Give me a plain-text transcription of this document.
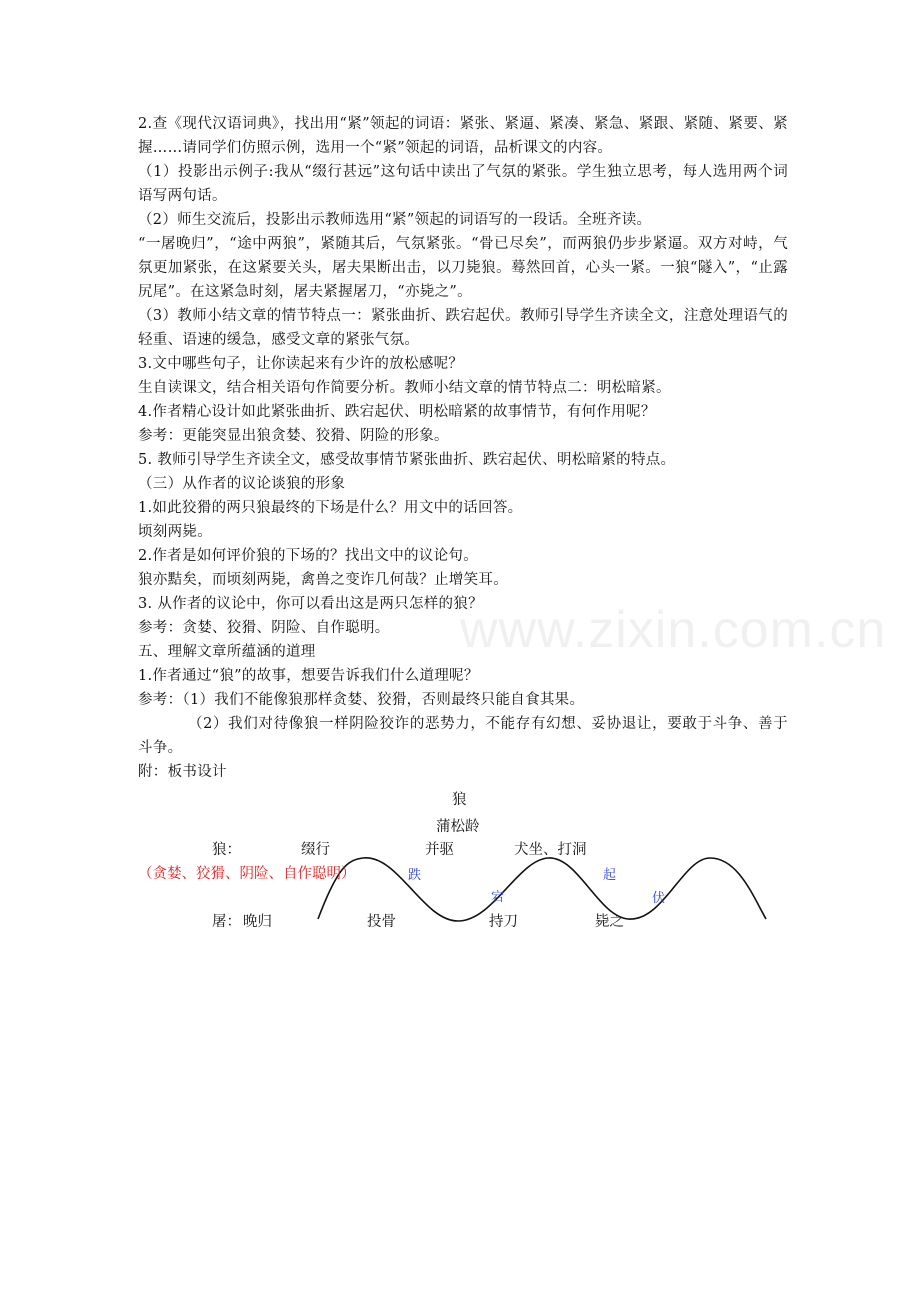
www.zixin.com.cn

2.查《现代汉语词典》，找出用“紧”领起的词语：紧张、紧逼、紧凑、紧急、紧跟、紧随、紧要、紧握……请同学们仿照示例，选用一个“紧”领起的词语，品析课文的内容。

（1）投影出示例子:我从“缀行甚远”这句话中读出了气氛的紧张。学生独立思考，每人选用两个词语写两句话。

（2）师生交流后，投影出示教师选用“紧”领起的词语写的一段话。全班齐读。

“一屠晚归”，“途中两狼”，紧随其后，气氛紧张。“骨已尽矣”，而两狼仍步步紧逼。双方对峙，气氛更加紧张，在这紧要关头，屠夫果断出击，以刀毙狼。蓦然回首，心头一紧。一狼“隧入”，“止露尻尾”。在这紧急时刻，屠夫紧握屠刀，“亦毙之”。

（3）教师小结文章的情节特点一：紧张曲折、跌宕起伏。教师引导学生齐读全文，注意处理语气的轻重、语速的缓急，感受文章的紧张气氛。

3.文中哪些句子，让你读起来有少许的放松感呢？

生自读课文，结合相关语句作简要分析。教师小结文章的情节特点二：明松暗紧。

4.作者精心设计如此紧张曲折、跌宕起伏、明松暗紧的故事情节，有何作用呢？

参考：更能突显出狼贪婪、狡猾、阴险的形象。

5. 教师引导学生齐读全文，感受故事情节紧张曲折、跌宕起伏、明松暗紧的特点。

（三）从作者的议论谈狼的形象

1.如此狡猾的两只狼最终的下场是什么？用文中的话回答。

顷刻两毙。

2.作者是如何评价狼的下场的？找出文中的议论句。

狼亦黠矣，而顷刻两毙，禽兽之变诈几何哉？止增笑耳。

3. 从作者的议论中，你可以看出这是两只怎样的狼？

参考：贪婪、狡猾、阴险、自作聪明。

五、理解文章所蕴涵的道理

1.作者通过“狼”的故事，想要告诉我们什么道理呢？

参考：（1）我们不能像狼那样贪婪、狡猾，否则最终只能自食其果。

（2）我们对待像狼一样阴险狡诈的恶势力，不能存有幻想、妥协退让，要敢于斗争、善于斗争。

附：板书设计

狼
蒲松龄
狼：	缀行	并驱	犬坐、打洞
（贪婪、狡猾、阴险、自作聪明）	跌
宕
起
伏
屠： 晚归	投骨	持刀	毙之
